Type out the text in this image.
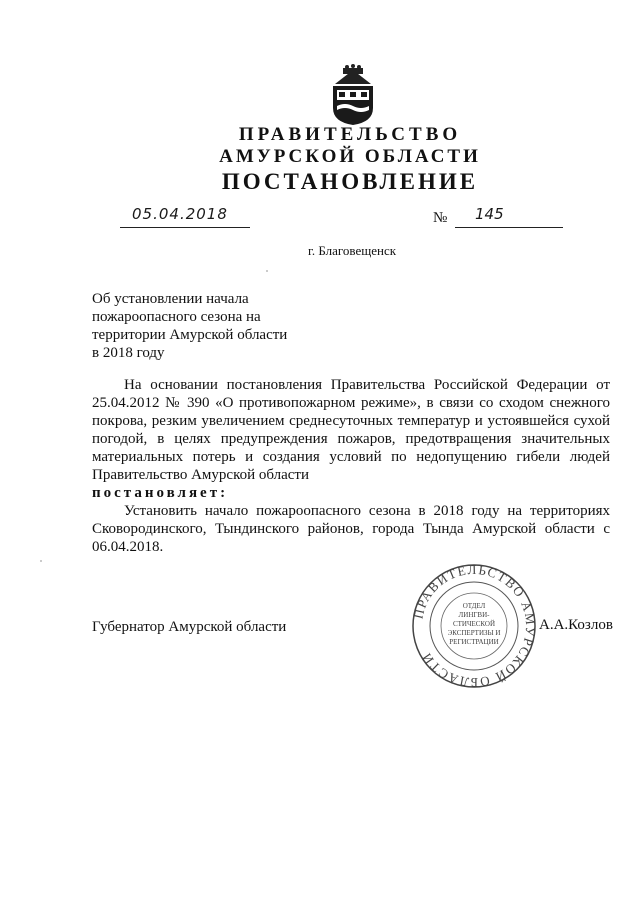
ПРАВИТЕЛЬСТВО
АМУРСКОЙ ОБЛАСТИ
ПОСТАНОВЛЕНИЕ
05.04.2018	№ 145
г. Благовещенск
Об установлении начала
пожароопасного сезона на
территории Амурской области
в 2018 году

На основании постановления Правительства Российской Федерации от 25.04.2012 № 390 «О противопожарном режиме», в связи со сходом снежного покрова, резким увеличением среднесуточных температур и устоявшейся сухой погодой, в целях предупреждения пожаров, предотвращения значительных материальных потерь и создания условий по недопущению гибели людей Правительство Амурской области

постановляет:

Установить начало пожароопасного сезона в 2018 году на территориях Сковородинского, Тындинского районов, города Тында Амурской области с 06.04.2018.

Губернатор Амурской области
ПРАВИТЕЛЬСТВО АМУРСКОЙ ОБЛАСТИ
ОТДЕЛ
ЛИНГВИ-
СТИЧЕСКОЙ
ЭКСПЕРТИЗЫ И
РЕГИСТРАЦИИ
А.А.Козлов
